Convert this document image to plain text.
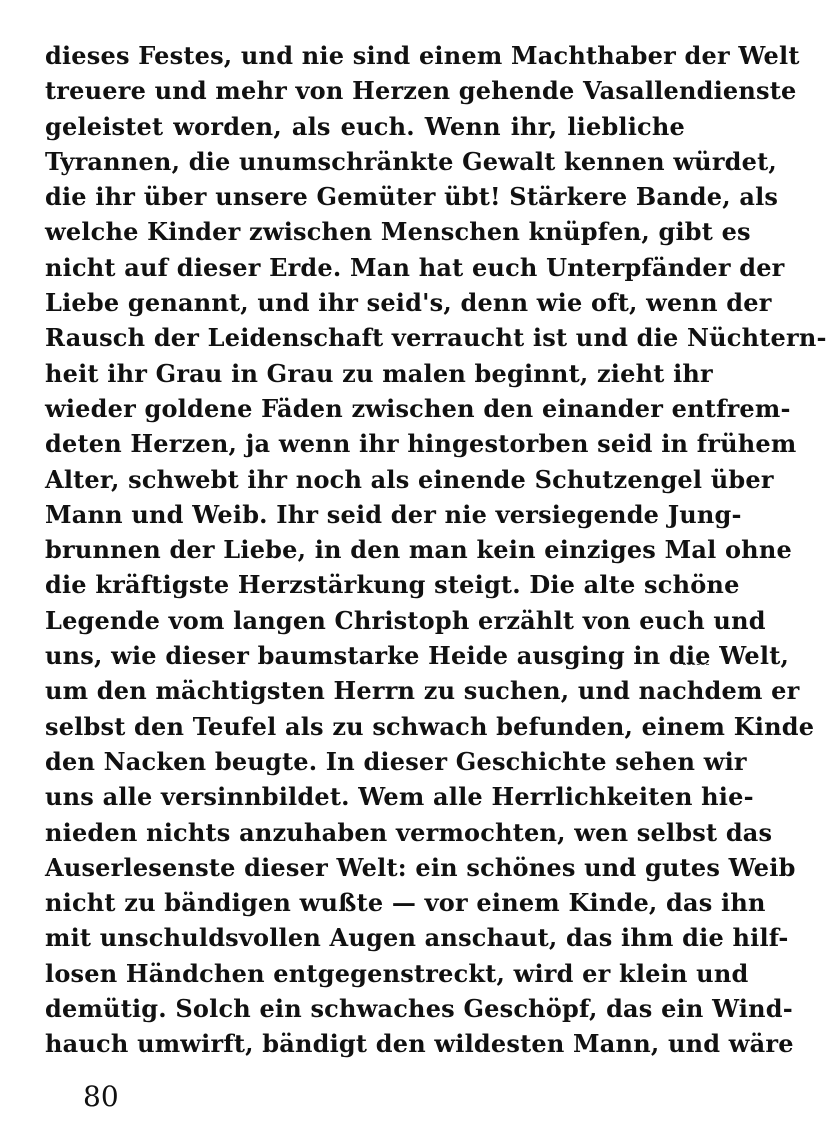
dieses Festes, und nie sind einem Machthaber der Welt
treuere und mehr von Herzen gehende Vasallendienste
geleistet worden, als euch. Wenn ihr, liebliche
Tyrannen, die unumschränkte Gewalt kennen würdet,
die ihr über unsere Gemüter übt! Stärkere Bande, als
welche Kinder zwischen Menschen knüpfen, gibt es
nicht auf dieser Erde. Man hat euch Unterpfänder der
Liebe genannt, und ihr seid's, denn wie oft, wenn der
Rausch der Leidenschaft verraucht ist und die Nüchtern-
heit ihr Grau in Grau zu malen beginnt, zieht ihr
wieder goldene Fäden zwischen den einander entfrem-
deten Herzen, ja wenn ihr hingestorben seid in frühem
Alter, schwebt ihr noch als einende Schutzengel über
Mann und Weib. Ihr seid der nie versiegende Jung-
brunnen der Liebe, in den man kein einziges Mal ohne
die kräftigste Herzstärkung steigt. Die alte schöne
Legende vom langen Christoph erzählt von euch und
uns, wie dieser baumstarke Heide ausging in die Welt,
um den mächtigsten Herrn zu suchen, und nachdem er
selbst den Teufel als zu schwach befunden, einem Kinde
den Nacken beugte. In dieser Geschichte sehen wir
uns alle versinnbildet. Wem alle Herrlichkeiten hie-
nieden nichts anzuhaben vermochten, wen selbst das
Auserlesenste dieser Welt: ein schönes und gutes Weib
nicht zu bändigen wußte — vor einem Kinde, das ihn
mit unschuldsvollen Augen anschaut, das ihm die hilf-
losen Händchen entgegenstreckt, wird er klein und
demütig. Solch ein schwaches Geschöpf, das ein Wind-
hauch umwirft, bändigt den wildesten Mann, und wäre
80
